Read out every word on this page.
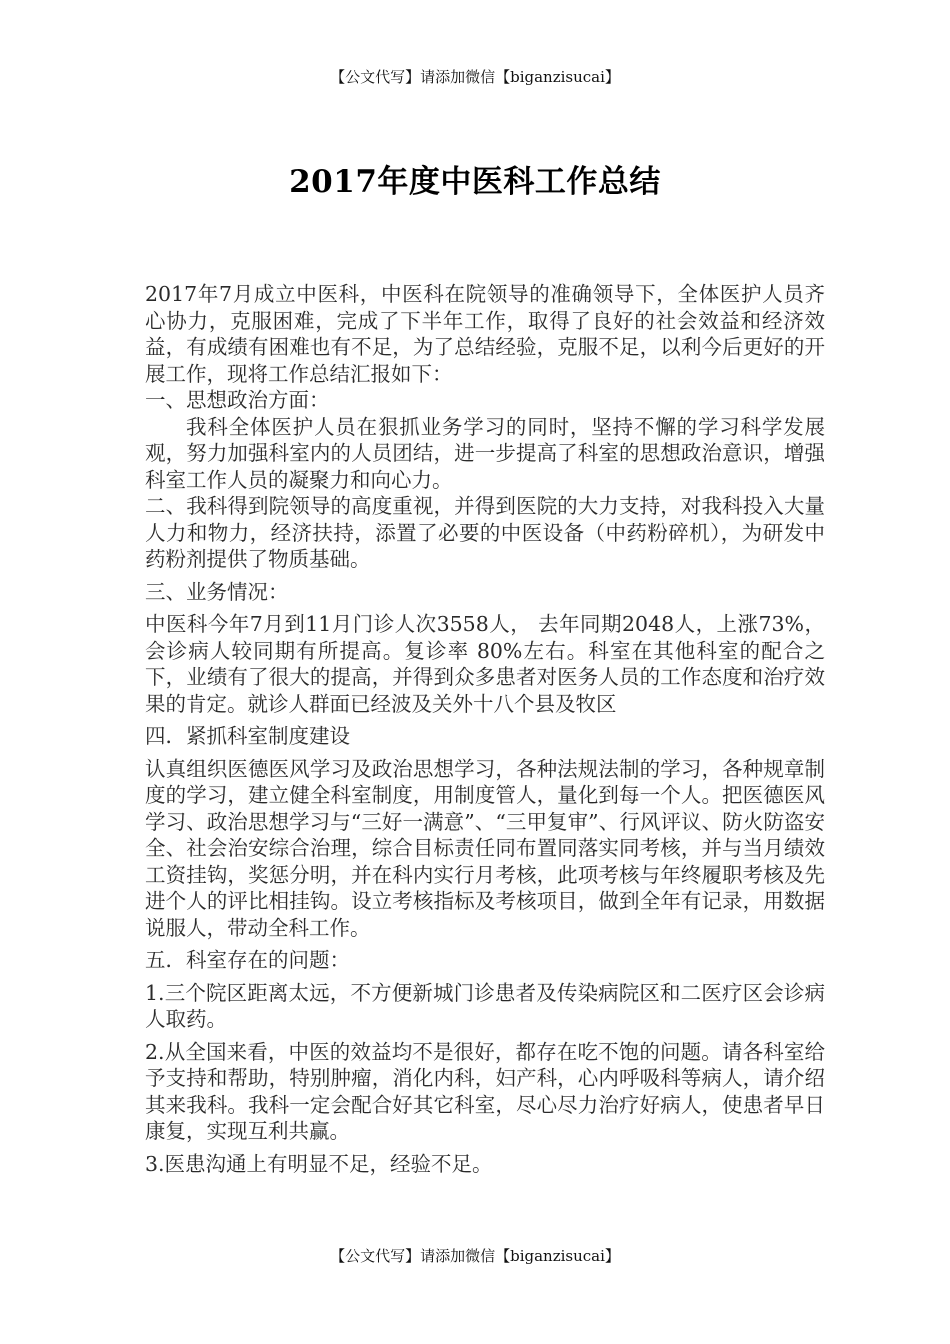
【公文代写】请添加微信【biganzisucai】
2017年度中医科工作总结

2017年7月成立中医科，中医科在院领导的准确领导下，全体医护人员齐心协力，克服困难，完成了下半年工作，取得了良好的社会效益和经济效益，有成绩有困难也有不足，为了总结经验，克服不足，以利今后更好的开展工作，现将工作总结汇报如下：

一、思想政治方面：

我科全体医护人员在狠抓业务学习的同时，坚持不懈的学习科学发展观，努力加强科室内的人员团结，进一步提高了科室的思想政治意识，增强科室工作人员的凝聚力和向心力。

二、我科得到院领导的高度重视，并得到医院的大力支持，对我科投入大量人力和物力，经济扶持，添置了必要的中医设备（中药粉碎机），为研发中药粉剂提供了物质基础。

三、业务情况：

中医科今年7月到11月门诊人次3558人， 去年同期2048人，上涨73%，会诊病人较同期有所提高。复诊率 80%左右。科室在其他科室的配合之下，业绩有了很大的提高，并得到众多患者对医务人员的工作态度和治疗效果的肯定。就诊人群面已经波及关外十八个县及牧区

四．紧抓科室制度建设

认真组织医德医风学习及政治思想学习，各种法规法制的学习，各种规章制度的学习，建立健全科室制度，用制度管人，量化到每一个人。把医德医风学习、政治思想学习与“三好一满意”、“三甲复审”、行风评议、防火防盗安全、社会治安综合治理，综合目标责任同布置同落实同考核，并与当月绩效工资挂钩，奖惩分明，并在科内实行月考核，此项考核与年终履职考核及先进个人的评比相挂钩。设立考核指标及考核项目，做到全年有记录，用数据说服人，带动全科工作。

五．科室存在的问题：

1.三个院区距离太远，不方便新城门诊患者及传染病院区和二医疗区会诊病人取药。

2.从全国来看，中医的效益均不是很好，都存在吃不饱的问题。请各科室给予支持和帮助，特别肿瘤，消化内科，妇产科，心内呼吸科等病人，请介绍其来我科。我科一定会配合好其它科室，尽心尽力治疗好病人，使患者早日康复，实现互利共赢。

3.医患沟通上有明显不足，经验不足。

【公文代写】请添加微信【biganzisucai】
